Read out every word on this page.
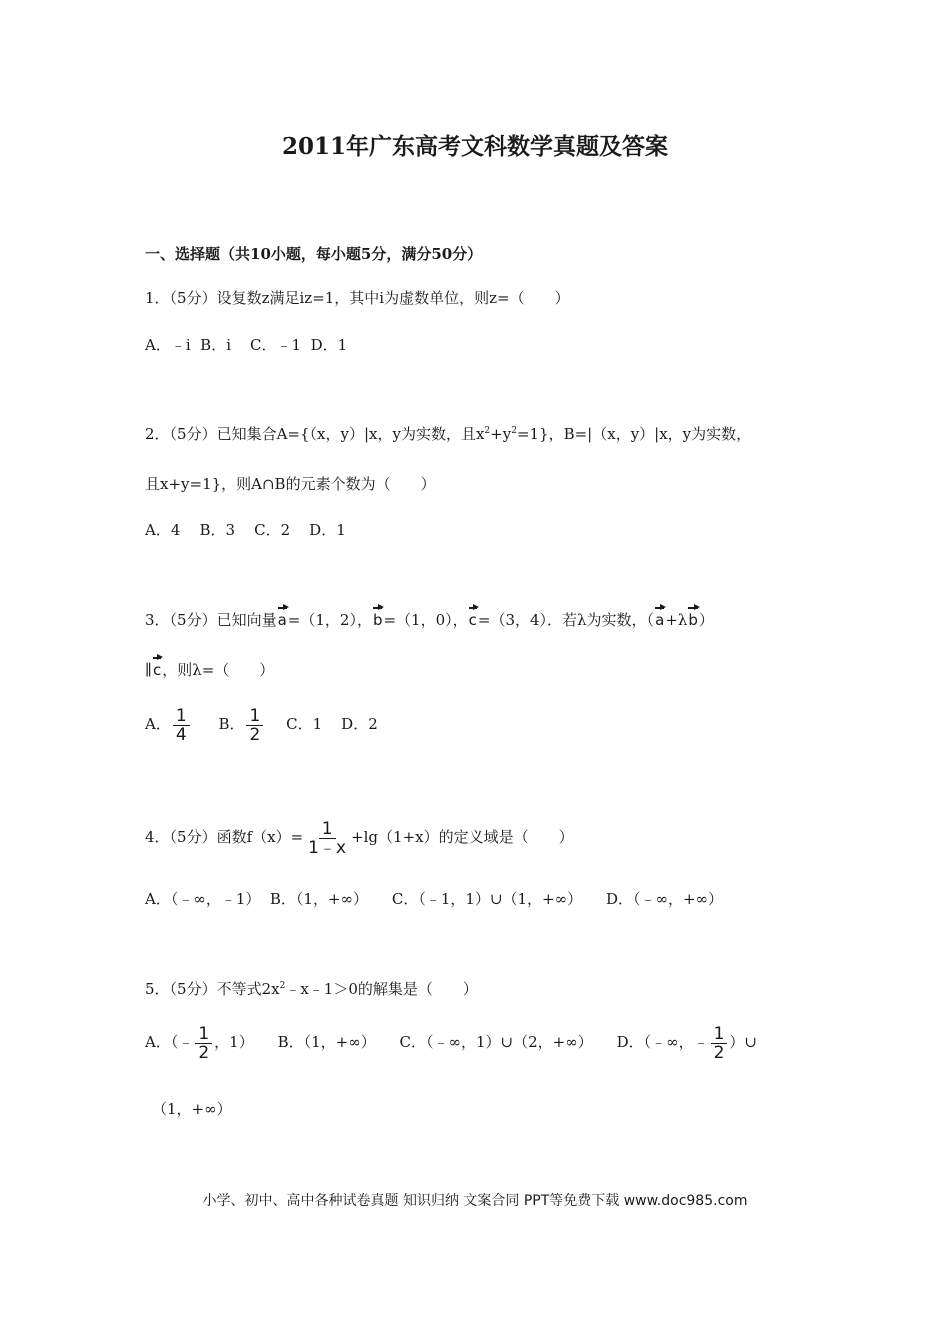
2011年广东高考文科数学真题及答案
一、选择题（共10小题，每小题5分，满分50分）
1．（5分）设复数z满足iz=1，其中i为虚数单位，则z=（　　）
A．﹣i  B．i    C．﹣1  D．1
2．（5分）已知集合A={（x，y）|x，y为实数，且$x^2+y^2=1$}，B=|（x，y）|x，y为实数，
且x+y=1}，则A∩B的元素个数为（　　）
A．4    B．3    C．2    D．1
3．（5分）已知向量a=（1，2），b=（1，0），c=（3，4）．若λ为实数，（a+λb）
∥c，则λ=（　　）
A． $\frac{1}{4}$ B． $\frac{1}{2}$ C．1    D．2
4．（5分）函数$f(x)= \frac{1}{1﹣x} +\lg(1+x)$的定义域是（　　）
A．（﹣∞，﹣1）  B．（1，+∞）     C．（﹣1，1）∪（1，+∞）     D．（﹣∞，+∞）
5．（5分）不等式$2x^2﹣x﹣1>0$的解集是（　　）
A．（﹣ $\frac{1}{2}$ ，1） B．（1，+∞）     C．（﹣∞，1）∪（2，+∞）     D．（﹣∞，﹣ $\frac{1}{2}$ ）∪
（1，+∞）
小学、初中、高中各种试卷真题 知识归纳 文案合同 PPT等免费下载 www.doc985.com
